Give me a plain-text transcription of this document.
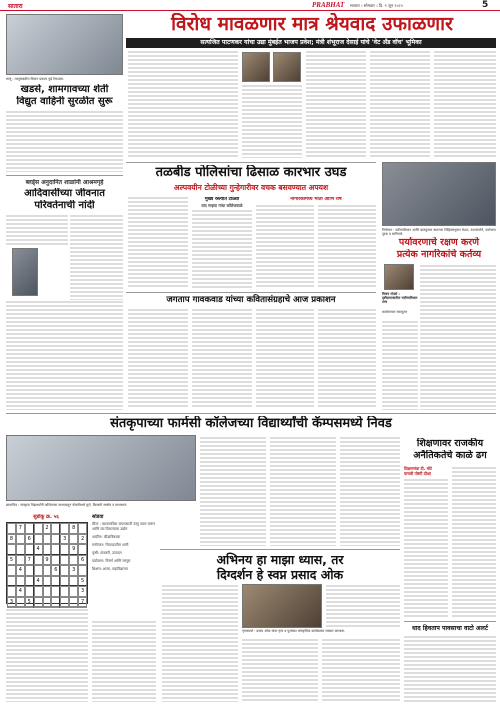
सातारा	PRABHAT सातारा । सोमवार । दि. ९ जून २०२५	5
विरोध मावळणार मात्र श्रेयवाद उफाळणार
सत्यजित पाटणकर यांचा उद्या मुंबईत भाजप प्रवेश; मंत्री शंभूराज देसाई यांचे 'वेट अँड वॉच' भूमिका
माणू : तालुक्यातील विमान प्रकल्प पुढे रेंगाळला.
खडसे, शामगावच्या शेती
विद्युत वाहिनी सुरळीत सुरू
ब्लर्ड्स अनुदानित शाळांनी आश्रमगृहे
आदिवासींच्या जीवनात
परिवर्तनाची नांदी
तळबीड पोलिसांचा ढिसाळ कारभार उघड
अल्पवयीन टोळीच्या गुन्हेगारीवर वचक बसवण्यात अपयश
मुख्य रस्त्यात टोळ्या
वाद माझ्या गांधा कॉलेजवाळे
नागरिकांमध्ये भीती आणि रोष
नियोजन : चारित्र्यविधान आणि बालकुमार स्वतःच्या लिहिस्तानुसार घेऊन, वंशपरंपरेने, पर्यावरण पूरक व सांगितले.
पर्यावरणाचे रक्षण करणे
प्रत्येक नागरिकांचे कर्तव्य
विजय गोडसे : दृष्टीसमाजातील चारित्र्यविधान तत्त्व
कार्यालयात सरामूलन
जगताप गावकवाड यांच्या कवितासंग्रहाचे आज प्रकाशन
संतकृपाच्या फार्मसी कॉलेजच्या विद्यार्थ्यांची कॅम्पसमध्ये निवड
छायाचित्र : संतकृपा विद्यार्थ्यांनी कॉलेजच्या माध्यमातून नोकरीमध्ये मुले, किसानी सरसेम व माध्यमानं.
शिक्षणावर राजकीय
अनैतिकतेचे काळे ढग
शिक्षणमंत्रा दी. मोटे
पाचवी पोस्टी दीक्षा
सुडोकू क्र. ५६
7	2	8
8	6	3	2
4	9
5	7	9	6
4	6	3
4	5
4	3
3	5	7
सोडवा
सीमा : व्यावसायिक वापरासाठी वस्तू तयार करून आणि त्या विकल्याचा उद्योग
आदींना: क्रीडाविषयक
मनोरंजन: चित्रपटातील ध्वनी
कृषी: शेतकरी, उत्पादन
पर्यावरण: निसर्ग आणि माणूस
शिक्षण: शाळा, महाविद्यालय
अभिनय हा माझा ध्यास, तर
दिग्दर्शन हे स्वप्न प्रसाद ओक
नृत्यस्पर्धा : प्रसाद ओक यांचा नृत्य व पुरस्कार सांस्कृतिक कार्यक्रमात सत्कार करताना.	धाद हिवताप पावसाचा वाटो अलर्ट
